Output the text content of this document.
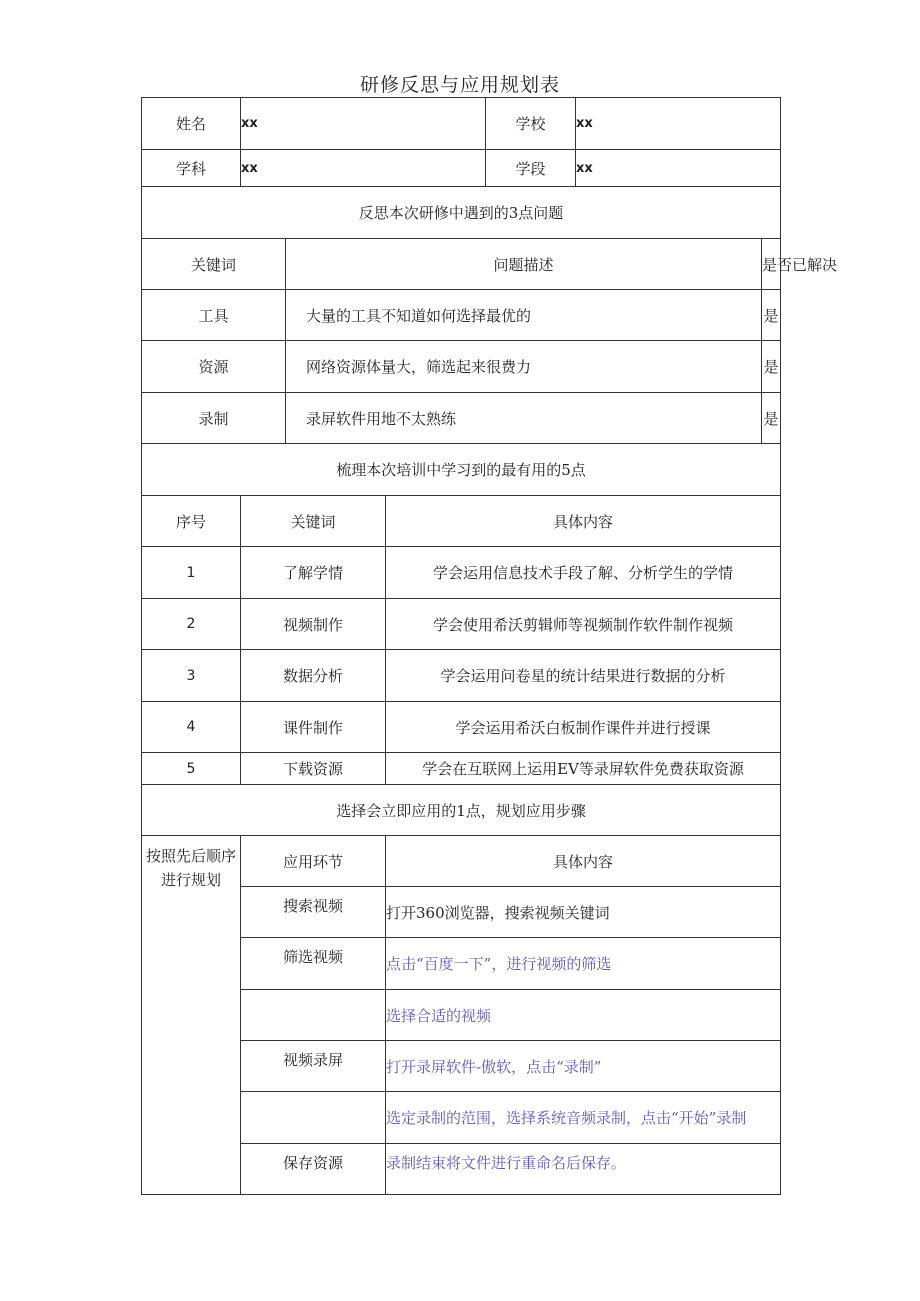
研修反思与应用规划表
姓名	xx			学校	xx	
学科	xx			学段	xx	
反思本次研修中遇到的3点问题						
关键词		问题描述				是否已解决
工具		大量的工具不知道如何选择最优的				是
资源		网络资源体量大，筛选起来很费力				是
录制		录屏软件用地不太熟练				是
梳理本次培训中学习到的最有用的5点						
序号	关键词		具体内容			
1	了解学情		学会运用信息技术手段了解、分析学生的学情			
2	视频制作		学会使用希沃剪辑师等视频制作软件制作视频			
3	数据分析		学会运用问卷星的统计结果进行数据的分析			
4	课件制作		学会运用希沃白板制作课件并进行授课			
5	下载资源		学会在互联网上运用EV等录屏软件免费获取资源			
选择会立即应用的1点，规划应用步骤						
按照先后顺序进行规划	应用环节		具体内容			
	搜索视频		打开360浏览器，搜索视频关键词			
	筛选视频		点击“百度一下”，进行视频的筛选			
			选择合适的视频			
	视频录屏		打开录屏软件-傲软，点击“录制”			
			选定录制的范围，选择系统音频录制，点击“开始”录制			
	保存资源		录制结束将文件进行重命名后保存。			
